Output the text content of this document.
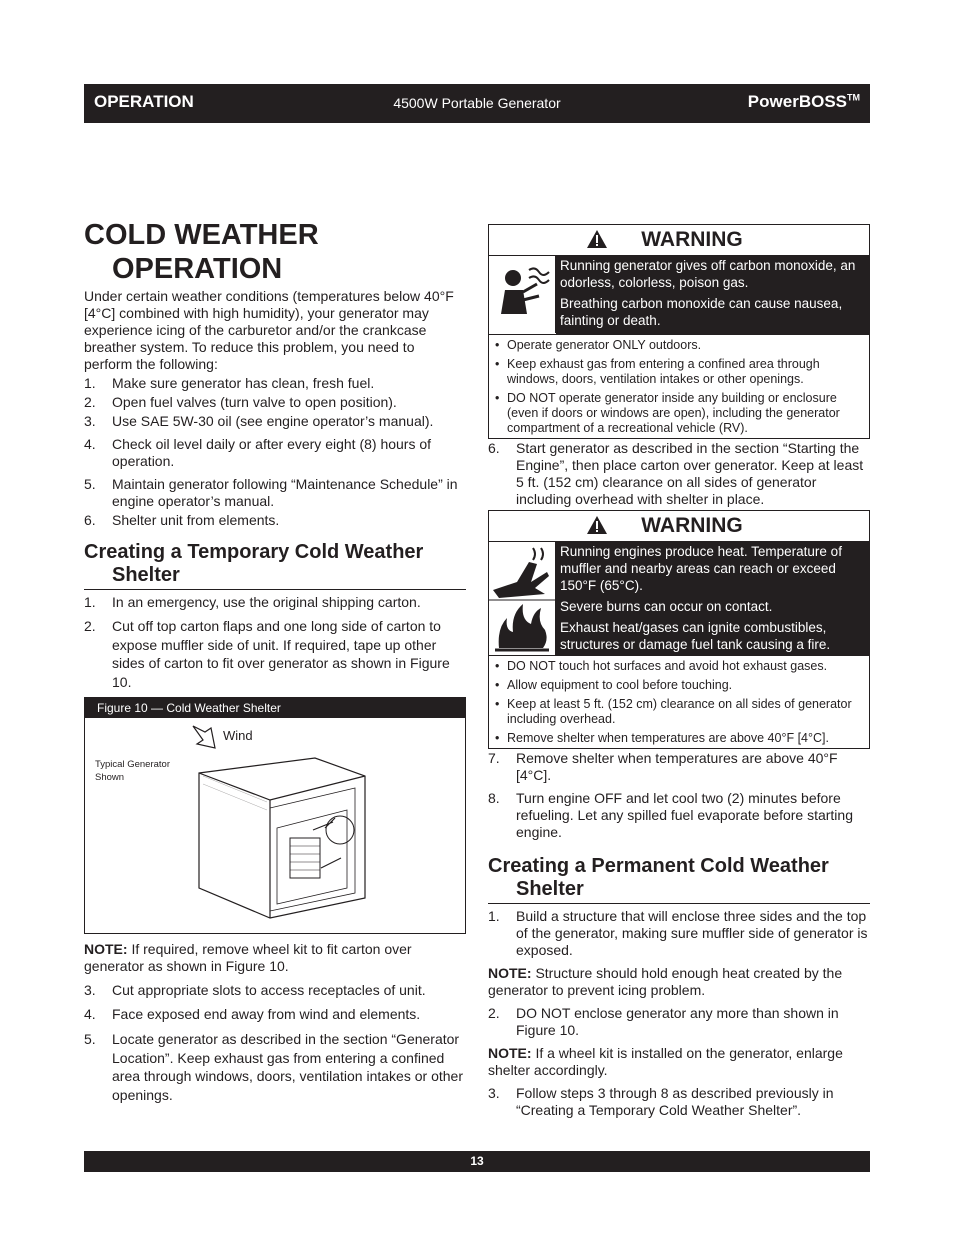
OPERATION	4500W Portable Generator	PowerBOSS™
COLD WEATHER
OPERATION

Under certain weather conditions (temperatures below 40°F [4°C] combined with high humidity), your generator may experience icing of the carburetor and/or the crankcase breather system. To reduce this problem, you need to perform the following:

1. Make sure generator has clean, fresh fuel.
2. Open fuel valves (turn valve to open position).
3. Use SAE 5W-30 oil (see engine operator’s manual).
4. Check oil level daily or after every eight (8) hours of operation.
5. Maintain generator following “Maintenance Schedule” in engine operator’s manual.
6. Shelter unit from elements.
Creating a Temporary Cold Weather
Shelter
1. In an emergency, use the original shipping carton.
2. Cut off top carton flaps and one long side of carton to expose muffler side of unit. If required, tape up other sides of carton to fit over generator as shown in Figure 10.
Figure 10 — Cold Weather Shelter
Wind
Typical Generator
Shown

NOTE: If required, remove wheel kit to fit carton over generator as shown in Figure 10.

3. Cut appropriate slots to access receptacles of unit.
4. Face exposed end away from wind and elements.
5. Locate generator as described in the section “Generator Location”. Keep exhaust gas from entering a confined area through windows, doors, ventilation intakes or other openings.
WARNING

Running generator gives off carbon monoxide, an odorless, colorless, poison gas.

Breathing carbon monoxide can cause nausea, fainting or death.

• Operate generator ONLY outdoors.
• Keep exhaust gas from entering a confined area through windows, doors, ventilation intakes or other openings.
• DO NOT operate generator inside any building or enclosure (even if doors or windows are open), including the generator compartment of a recreational vehicle (RV).
6. Start generator as described in the section “Starting the Engine”, then place carton over generator. Keep at least 5 ft. (152 cm) clearance on all sides of generator including overhead with shelter in place.
WARNING

Running engines produce heat. Temperature of muffler and nearby areas can reach or exceed 150°F (65°C).

Severe burns can occur on contact.

Exhaust heat/gases can ignite combustibles, structures or damage fuel tank causing a fire.

• DO NOT touch hot surfaces and avoid hot exhaust gases.
• Allow equipment to cool before touching.
• Keep at least 5 ft. (152 cm) clearance on all sides of generator including overhead.
• Remove shelter when temperatures are above 40°F [4°C].
7. Remove shelter when temperatures are above 40°F [4°C].
8. Turn engine OFF and let cool two (2) minutes before refueling. Let any spilled fuel evaporate before starting engine.
Creating a Permanent Cold Weather
Shelter
1. Build a structure that will enclose three sides and the top of the generator, making sure muffler side of generator is exposed.

NOTE: Structure should hold enough heat created by the generator to prevent icing problem.

2. DO NOT enclose generator any more than shown in Figure 10.

NOTE: If a wheel kit is installed on the generator, enlarge shelter accordingly.

3. Follow steps 3 through 8 as described previously in “Creating a Temporary Cold Weather Shelter”.
13
